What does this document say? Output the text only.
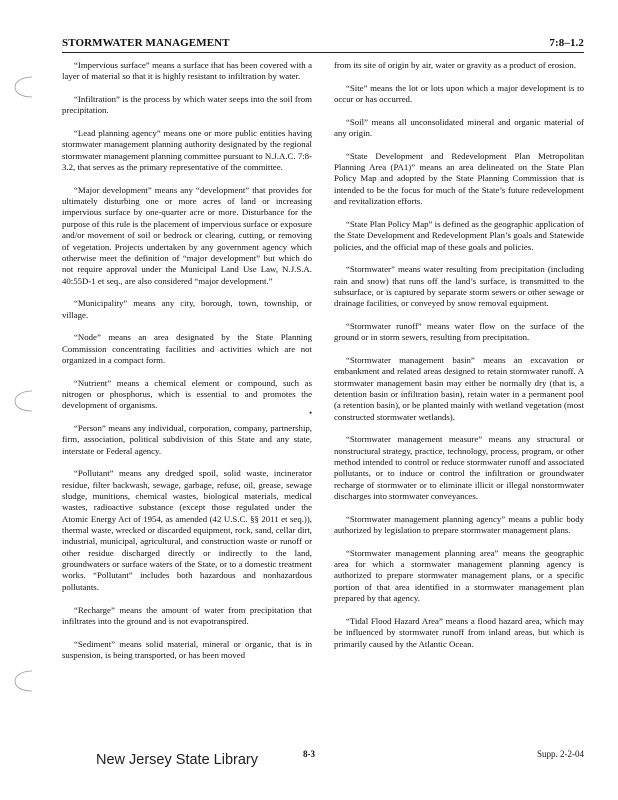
STORMWATER MANAGEMENT	7:8–1.2

“Impervious surface” means a surface that has been covered with a layer of material so that it is highly resistant to infiltration by water.

“Infiltration” is the process by which water seeps into the soil from precipitation.

“Lead planning agency” means one or more public entities having stormwater management planning authority designated by the regional stormwater management planning committee pursuant to N.J.A.C. 7:8-3.2, that serves as the primary representative of the committee.

“Major development” means any “development” that provides for ultimately disturbing one or more acres of land or increasing impervious surface by one-quarter acre or more. Disturbance for the purpose of this rule is the placement of impervious surface or exposure and/or movement of soil or bedrock or clearing, cutting, or removing of vegetation. Projects undertaken by any government agency which otherwise meet the definition of “major development” but which do not require approval under the Municipal Land Use Law, N.J.S.A. 40:55D-1 et seq., are also considered “major development.”

“Municipality” means any city, borough, town, township, or village.

“Node” means an area designated by the State Planning Commission concentrating facilities and activities which are not organized in a compact form.

“Nutrient” means a chemical element or compound, such as nitrogen or phosphorus, which is essential to and promotes the development of organisms.

“Person” means any individual, corporation, company, partnership, firm, association, political subdivision of this State and any state, interstate or Federal agency.

“Pollutant” means any dredged spoil, solid waste, incinerator residue, filter backwash, sewage, garbage, refuse, oil, grease, sewage sludge, munitions, chemical wastes, biological materials, medical wastes, radioactive substance (except those regulated under the Atomic Energy Act of 1954, as amended (42 U.S.C. §§ 2011 et seq.)), thermal waste, wrecked or discarded equipment, rock, sand, cellar dirt, industrial, municipal, agricultural, and construction waste or runoff or other residue discharged directly or indirectly to the land, groundwaters or surface waters of the State, or to a domestic treatment works. “Pollutant” includes both hazardous and nonhazardous pollutants.

“Recharge” means the amount of water from precipitation that infiltrates into the ground and is not evapotranspired.

“Sediment” means solid material, mineral or organic, that is in suspension, is being transported, or has been moved

from its site of origin by air, water or gravity as a product of erosion.

“Site” means the lot or lots upon which a major development is to occur or has occurred.

“Soil” means all unconsolidated mineral and organic material of any origin.

“State Development and Redevelopment Plan Metropolitan Planning Area (PA1)” means an area delineated on the State Plan Policy Map and adopted by the State Planning Commission that is intended to be the focus for much of the State’s future redevelopment and revitalization efforts.

“State Plan Policy Map” is defined as the geographic application of the State Development and Redevelopment Plan’s goals and Statewide policies, and the official map of these goals and policies.

“Stormwater” means water resulting from precipitation (including rain and snow) that runs off the land’s surface, is transmitted to the subsurface, or is captured by separate storm sewers or other sewage or drainage facilities, or conveyed by snow removal equipment.

“Stormwater runoff” means water flow on the surface of the ground or in storm sewers, resulting from precipitation.

“Stormwater management basin” means an excavation or embankment and related areas designed to retain stormwater runoff. A stormwater management basin may either be normally dry (that is, a detention basin or infiltration basin), retain water in a permanent pool (a retention basin), or be planted mainly with wetland vegetation (most constructed stormwater wetlands).

“Stormwater management measure” means any structural or nonstructural strategy, practice, technology, process, program, or other method intended to control or reduce stormwater runoff and associated pollutants, or to induce or control the infiltration or groundwater recharge of stormwater or to eliminate illicit or illegal nonstormwater discharges into stormwater conveyances.

“Stormwater management planning agency” means a public body authorized by legislation to prepare stormwater management plans.

“Stormwater management planning area” means the geographic area for which a stormwater management planning agency is authorized to prepare stormwater management plans, or a specific portion of that area identified in a stormwater management plan prepared by that agency.

“Tidal Flood Hazard Area” means a flood hazard area, which may be influenced by stormwater runoff from inland areas, but which is primarily caused by the Atlantic Ocean.

•
8-3	Supp. 2-2-04
New Jersey State Library
